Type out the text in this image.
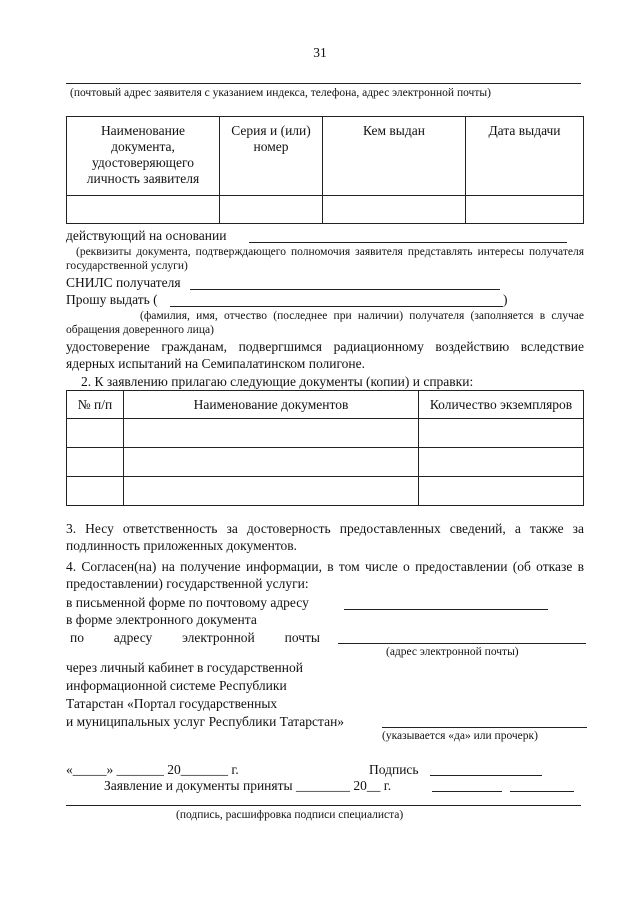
31
(почтовый адрес заявителя с указанием индекса, телефона, адрес электронной почты)
Наименование документа, удостоверяющего личность заявителя	Серия и (или) номер	Кем выдан	Дата выдачи

действующий на основании
(реквизиты документа, подтверждающего полномочия заявителя представлять интересы получателя государственной услуги)
СНИЛС получателя
Прошу выдать (	)
(фамилия, имя, отчество (последнее при наличии) получателя (заполняется в случае обращения доверенного лица)
удостоверение гражданам, подвергшимся радиационному воздействию вследствие ядерных испытаний на Семипалатинском полигоне.
2. К заявлению прилагаю следующие документы (копии) и справки:
№ п/п	Наименование документов	Количество экземпляров

3. Несу ответственность за достоверность предоставленных сведений, а также за подлинность приложенных документов.
4. Согласен(на) на получение информации, в том числе о предоставлении (об отказе в предоставлении) государственной услуги:
в письменной форме по почтовому адресу
в форме электронного документа
по адресу электронной почты
(адрес электронной почты)
через личный кабинет в государственной
информационной системе Республики
Татарстан «Портал государственных
и муниципальных услуг Республики Татарстан»
(указывается «да» или прочерк)
«_____» _______ 20_______ г.	Подпись
Заявление и документы приняты ________ 20__ г.
(подпись, расшифровка подписи специалиста)
